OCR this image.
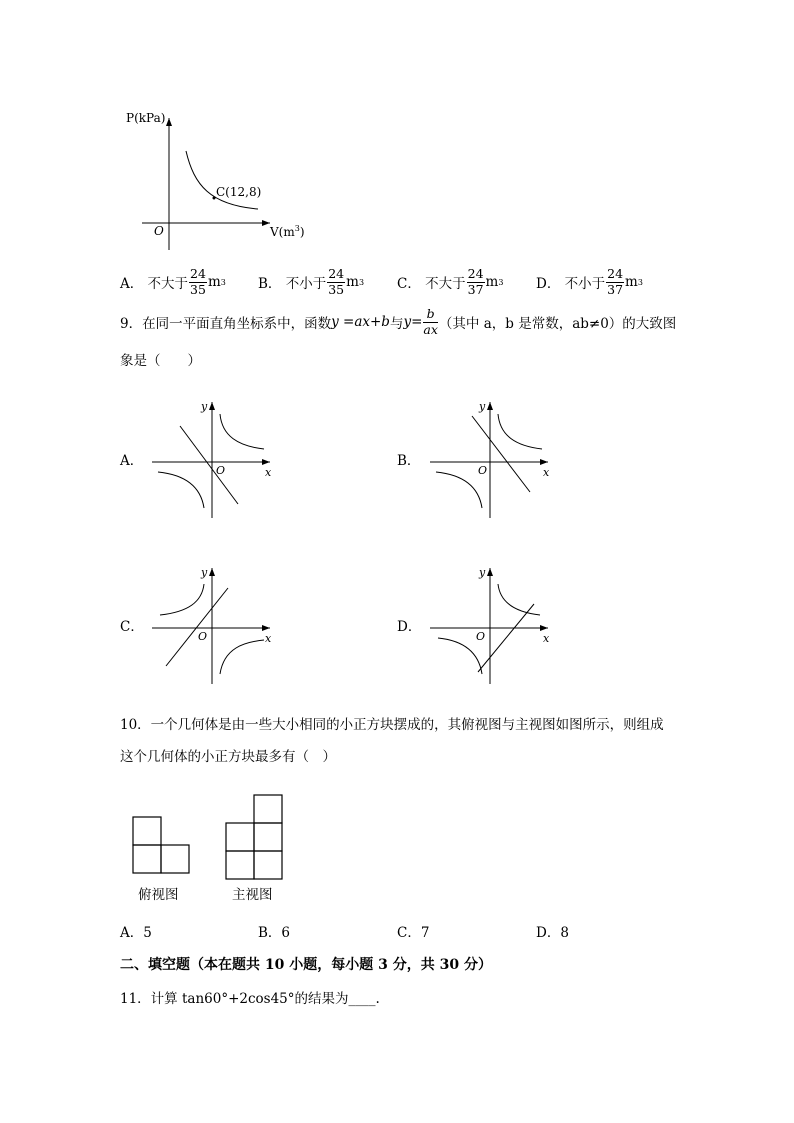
P(kPa)
O
C(12,8)
$V(m^3)$
A．
不大于 $\frac{24}{35}$ m 3 B．
不小于 $\frac{24}{35}$ m 3 C．
不大于 $\frac{24}{37}$ m 3 D．
不小于 $\frac{24}{37}$ m 3
9．在同一平面直角坐标系中，函数 y =ax+b 与 $y= \frac{b}{ax}$ （其中 a，b 是常数，ab≠0）的大致图
象是（　　）
A．
y
x
O
B．
y
x
O
C．
y
x
O
D．
y
x
O
10．一个几何体是由一些大小相同的小正方块摆成的，其俯视图与主视图如图所示，则组成
这个几何体的小正方块最多有（　）
俯视图	主视图
A．5	B．6	C．7	D．8
二、填空题（本在题共 10 小题，每小题 3 分，共 30 分）
11．计算 tan60°+2cos45°的结果为____.
